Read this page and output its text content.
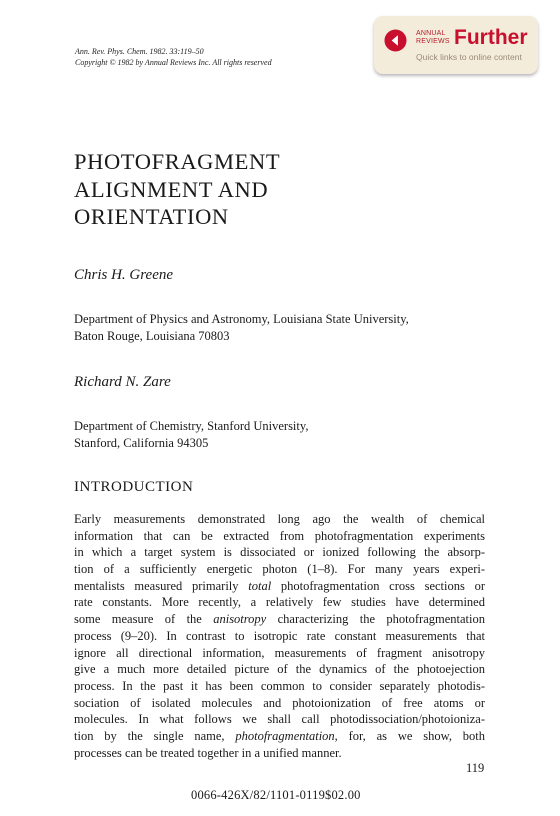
Ann. Rev. Phys. Chem. 1982. 33:119–50
Copyright © 1982 by Annual Reviews Inc. All rights reserved
ANNUAL
REVIEWS Further
Quick links to online content
PHOTOFRAGMENT
ALIGNMENT AND
ORIENTATION
Chris H. Greene
Department of Physics and Astronomy, Louisiana State University,
Baton Rouge, Louisiana 70803
Richard N. Zare
Department of Chemistry, Stanford University,
Stanford, California 94305
INTRODUCTION
Early measurements demonstrated long ago the wealth of chemical
information that can be extracted from photofragmentation experiments
in which a target system is dissociated or ionized following the absorp-
tion of a sufficiently energetic photon (1–8). For many years experi-
mentalists measured primarily total photofragmentation cross sections or
rate constants. More recently, a relatively few studies have determined
some measure of the anisotropy characterizing the photofragmentation
process (9–20). In contrast to isotropic rate constant measurements that
ignore all directional information, measurements of fragment anisotropy
give a much more detailed picture of the dynamics of the photoejection
process. In the past it has been common to consider separately photodis-
sociation of isolated molecules and photoionization of free atoms or
molecules. In what follows we shall call photodissociation/photoioniza-
tion by the single name, photofragmentation, for, as we show, both
processes can be treated together in a unified manner.
119
0066-426X/82/1101-0119$02.00
